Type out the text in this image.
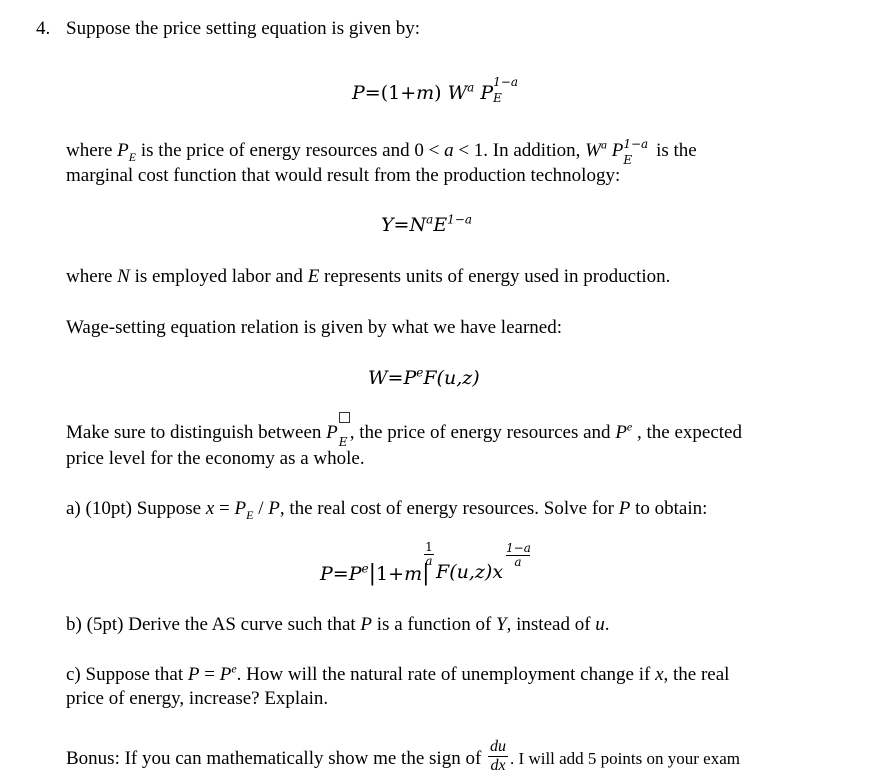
4. Suppose the price setting equation is given by:
P=(1+m) $W^a$ P 1−a
E
where $P_E$ is the price of energy resources and 0 < a < 1. In addition, $W^a$ P 1−a
E is the
marginal cost function that would result from the production technology:
$Y=N^aE^{1-a}$
where N is employed labor and E represents units of energy used in production.
Wage-setting equation relation is given by what we have learned:
$W=P^eF(u,z)$
Make sure to distinguish between P E , the price of energy resources and $P^e$ , the expected
price level for the economy as a whole.
a) (10pt) Suppose $x = P_E / P$, the real cost of energy resources. Solve for P to obtain:
$P=P^e|1+m|$
1
a F(u,z)x
1−a
a
b) (5pt) Derive the AS curve such that P is a function of Y, instead of u.
c) Suppose that $P = P^e$. How will the natural rate of unemployment change if x, the real
price of energy, increase? Explain.
Bonus: If you can mathematically show me the sign of $\frac{du}{dx}$ . I will add 5 points on your exam
